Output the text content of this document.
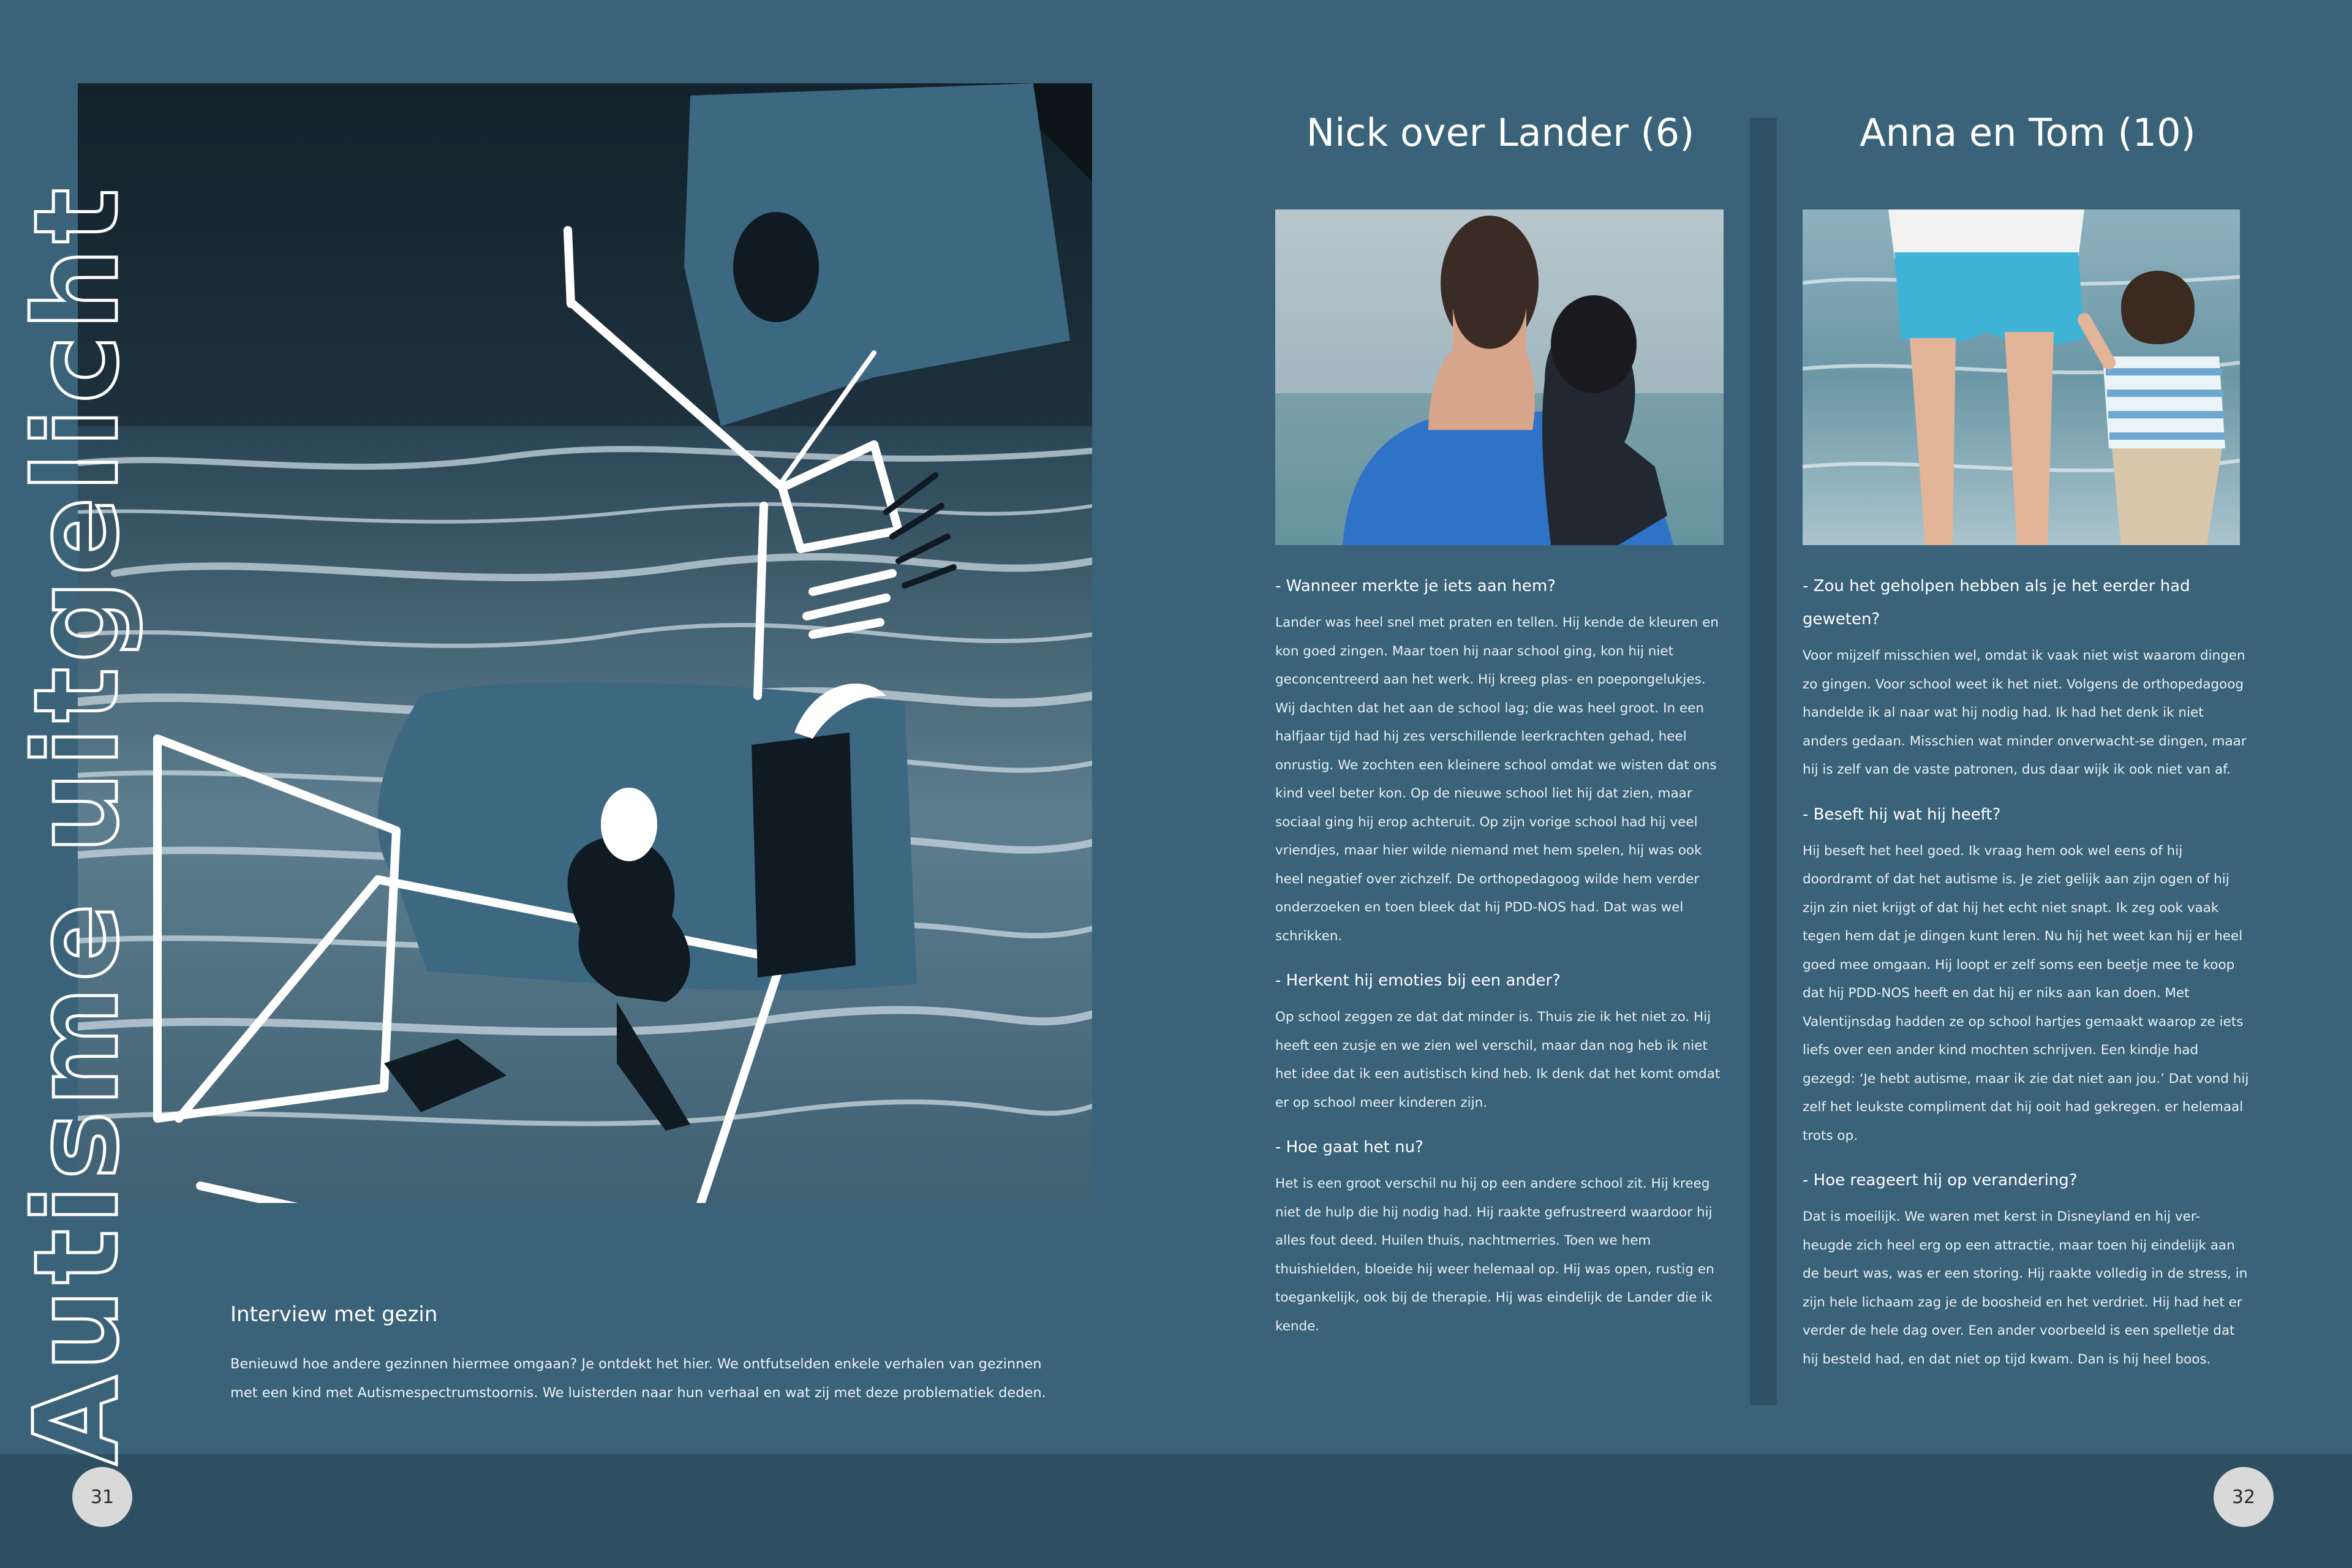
Autisme uitgelicht	Interview met gezin

Benieuwd hoe andere gezinnen hiermee omgaan? Je ontdekt het hier. We ontfutselden enkele verhalen van gezinnen met een kind met Autismespectrumstoornis. We luisterden naar hun verhaal en wat zij met deze problematiek deden.

31
Nick over Lander (6)	Anna en Tom (10)

- Wanneer merkte je iets aan hem?

Lander was heel snel met praten en tellen. Hij kende de kleuren en kon goed zingen. Maar toen hij naar school ging, kon hij niet geconcentreerd aan het werk. Hij kreeg plas- en poepongelukjes. Wij dachten dat het aan de school lag; die was heel groot. In een halfjaar tijd had hij zes verschillende leerkrachten gehad, heel onrustig. We zochten een kleinere school omdat we wisten dat ons kind veel beter kon. Op de nieuwe school liet hij dat zien, maar sociaal ging hij erop achteruit. Op zijn vorige school had hij veel vriendjes, maar hier wilde niemand met hem spelen, hij was ook heel negatief over zichzelf. De orthopedagoog wilde hem verder onderzoeken en toen bleek dat hij PDD-NOS had. Dat was wel schrikken.

- Herkent hij emoties bij een ander?

Op school zeggen ze dat dat minder is. Thuis zie ik het niet zo. Hij heeft een zusje en we zien wel verschil, maar dan nog heb ik niet het idee dat ik een autistisch kind heb. Ik denk dat het komt omdat er op school meer kinderen zijn.

- Hoe gaat het nu?

Het is een groot verschil nu hij op een andere school zit. Hij kreeg niet de hulp die hij nodig had. Hij raakte gefrustreerd waardoor hij alles fout deed. Huilen thuis, nachtmerries. Toen we hem thuishielden, bloeide hij weer helemaal op. Hij was open, rustig en toegankelijk, ook bij de therapie. Hij was eindelijk de Lander die ik kende.

- Zou het geholpen hebben als je het eerder had geweten?

Voor mijzelf misschien wel, omdat ik vaak niet wist waarom dingen zo gingen. Voor school weet ik het niet. Volgens de orthopedagoog handelde ik al naar wat hij nodig had. Ik had het denk ik niet anders gedaan. Misschien wat minder onverwacht-se dingen, maar hij is zelf van de vaste patronen, dus daar wijk ik ook niet van af.

- Beseft hij wat hij heeft?

Hij beseft het heel goed. Ik vraag hem ook wel eens of hij doordramt of dat het autisme is. Je ziet gelijk aan zijn ogen of hij zijn zin niet krijgt of dat hij het echt niet snapt. Ik zeg ook vaak tegen hem dat je dingen kunt leren. Nu hij het weet kan hij er heel goed mee omgaan. Hij loopt er zelf soms een beetje mee te koop dat hij PDD-NOS heeft en dat hij er niks aan kan doen. Met Valentijnsdag hadden ze op school hartjes gemaakt waarop ze iets liefs over een ander kind mochten schrijven. Een kindje had gezegd: ‘Je hebt autisme, maar ik zie dat niet aan jou.’ Dat vond hij zelf het leukste compliment dat hij ooit had gekregen. er helemaal trots op.

- Hoe reageert hij op verandering?

Dat is moeilijk. We waren met kerst in Disneyland en hij ver-heugde zich heel erg op een attractie, maar toen hij eindelijk aan de beurt was, was er een storing. Hij raakte volledig in de stress, in zijn hele lichaam zag je de boosheid en het verdriet. Hij had het er verder de hele dag over. Een ander voorbeeld is een spelletje dat hij besteld had, en dat niet op tijd kwam. Dan is hij heel boos.

32
